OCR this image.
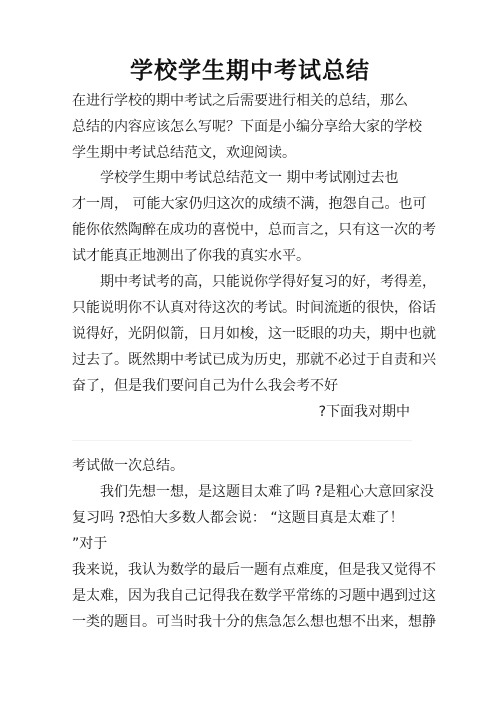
学校学生期中考试总结
在进行学校的期中考试之后需要进行相关的总结，那么
总结的内容应该怎么写呢？下面是小编分享给大家的学校
学生期中考试总结范文，欢迎阅读。
学校学生期中考试总结范文一 期中考试刚过去也
才一周， 可能大家仍归这次的成绩不满，抱怨自己。也可
能你依然陶醉在成功的喜悦中，总而言之，只有这一次的考
试才能真正地测出了你我的真实水平。
期中考试考的高，只能说你学得好复习的好，考得差，
只能说明你不认真对待这次的考试。时间流逝的很快，俗话
说得好，光阴似箭，日月如梭，这一眨眼的功夫，期中也就
过去了。既然期中考试已成为历史，那就不必过于自责和兴
奋了，但是我们要问自己为什么我会考不好
?下面我对期中
考试做一次总结。
我们先想一想，是这题目太难了吗 ?是粗心大意回家没
复习吗 ?恐怕大多数人都会说： “这题目真是太难了！
”对于
我来说，我认为数学的最后一题有点难度，但是我又觉得不
是太难，因为我自己记得我在数学平常练的习题中遇到过这
一类的题目。可当时我十分的焦急怎么想也想不出来，想静
